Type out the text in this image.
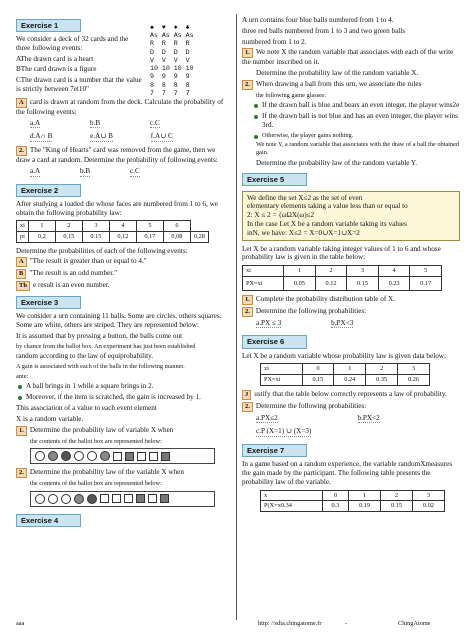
Exercise 1

We consider a deck of 32 cards and the three following events:

AThe drawn card is a heart

BThe card drawn is a figure

CThe drawn card is a number that the value is strictly between 7et10"

A card is drawn at random from the deck. Calculate the probability of the following events:

a.A	b.B	c.C
d.A∩ B	e.A∪ B	f.A∪ C

2. The "King of Hearts" card was removed from the game, then we draw a card at random. Determine the probability of following events:

a.A	b.B	c.C
Exercise 2

After studying a loaded die whose faces are numbered from 1 to 6, we obtain the following probability law:

xi	1	2	3	4	5	6	
pi	0,2	0,15	0.15	0,12	0,17	0,08	0,28

Determine the probabilities of each of the following events:

A "The result is greater than or equal to 4."

B "The result is an odd number."

Th e result is an even number.

Exercise 3

We consider a urn containing 11 balls. Some are circles, others squares. Some are white, others are striped. They are represented below:

It is assumed that by pressing a button, the balls come out

by chance from the ballot box. An experiment has just been established

random according to the law of equiprobability.

A gain is associated with each of the balls in the following manner.

ante:

A ball brings in 1 while a square brings in 2.
Moreover, if the item is scratched, the gain is increased by 1.

This association of a value to each event element

X is a random variable.

1. Determine the probability law of variable X when

the contents of the ballot box are represented below:

2. Determine the probability law of the variable X when

the contents of the ballot box are represented below:

Exercise 4
♠  ♥  ♦  ♣
As As As As
R  R  R  R
D  D  D  D
V  V  V  V
10 10 10 10
9  9  9  9
8  8  8  8
7  7  7  7

A urn contains four blue balls numbered from 1 to 4.

three red balls numbered from 1 to 3 and two green balls

numbered from 1 to 2.

1. We note X the random variable that associates with each of the write the number inscribed on it.

Determine the probability law of the random variable X.

2. When drawing a ball from this urn, we associate the rules

the following game glasses:

If the drawn ball is blue and bears an even integer, the player wins2e
If the drawn ball is not blue and has an even integer, the player wins 3rd.
Otherwise, the player gains nothing.

We note Y, a random variable that associates with the draw of a ball the obtained gain.

Determine the probability law of the random variable Y.

Exercise 5
We define the set X≤2 as the set of even
elementary elements taking a value less than or equal to
2: X ≤ 2 = {ωΩX(ω)≤2
In the case Let X be a random variable taking its values
inN, we have: X≤2 = X=0∪X=1∪X=2

Let X be a random variable taking integer values of 1 to 6 and whose probability law is given in the table below:

xi	1	2	3	4	5
PX=xi	0.05	0.12	0.15	0.23	0.17

1. Complete the probability distribution table of X.

2. Determine the following probabilities:

a.PX ≤ 3	b.PX<3
Exercise 6

Let X be a random variable whose probability law is given data below:

xi	0	1	2	3
PX=xi	0.15	0.24	0.35	0.26

J ustify that the table below correctly represents a law of probability.

2. Determine the following probabilities:

a.PX≤2	b.PX<2
c.P (X=1) ∪ (X=3)
Exercise 7

In a game based on a random experience, the variable randomXmeasures the gain made by the participant. The following table presents the probability law of the variable.

x	0	1	2	3
P(X=x0.34	0.3	0.19	0.15	0.02
aaa	http: //sdia.chingatome.fr	-	ChingAtome
